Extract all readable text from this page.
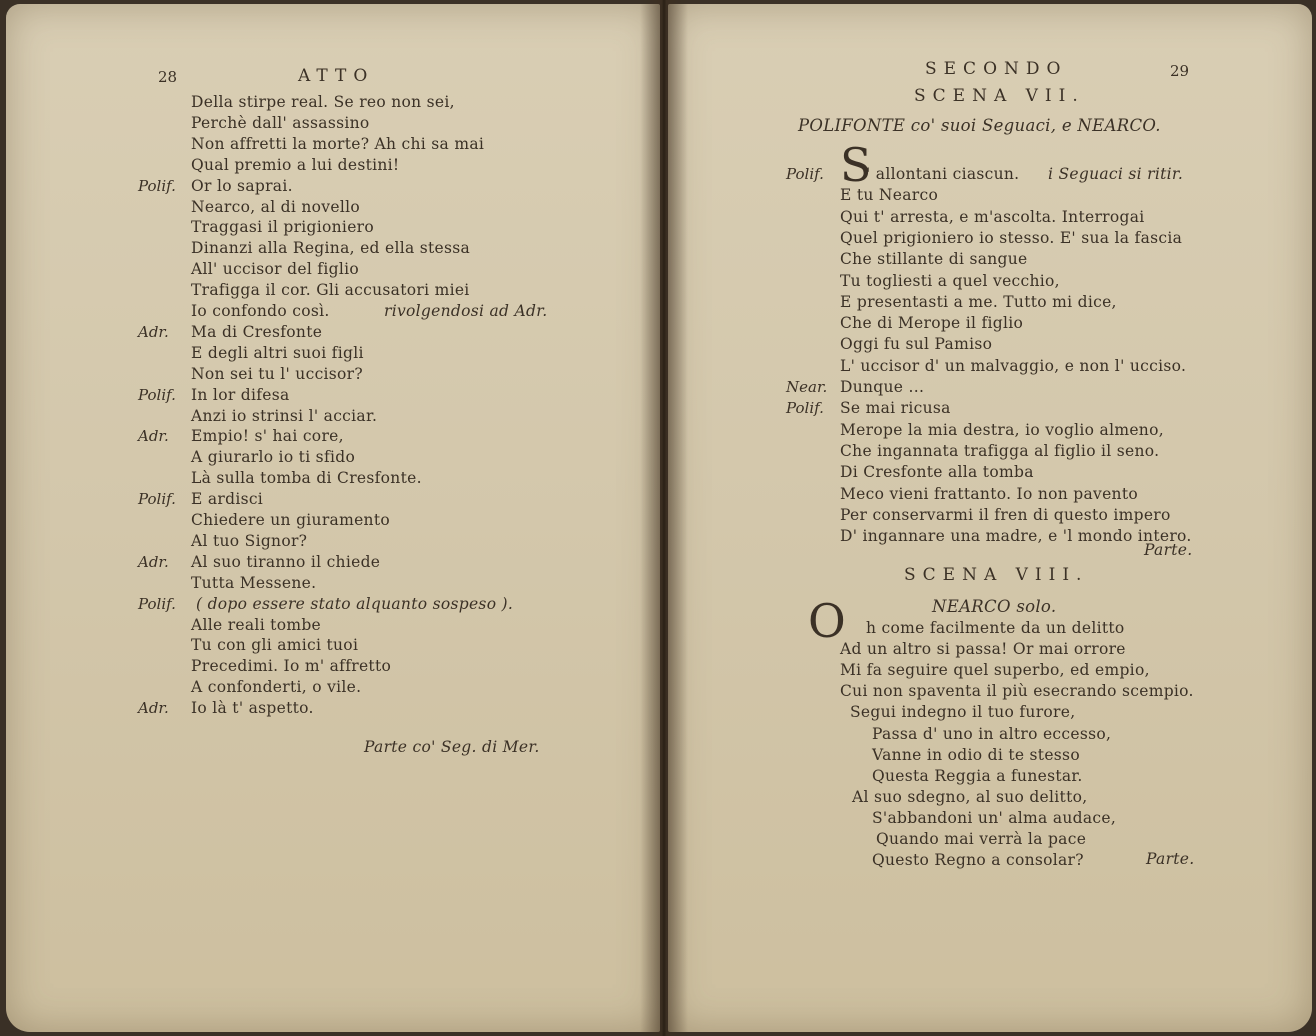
28	ATTO
Della stirpe real. Se reo non sei,
Perchè dall' assassino
Non affretti la morte? Ah chi sa mai
Qual premio a lui destini!
Polif. Or lo saprai.
Nearco, al di novello
Traggasi il prigioniero
Dinanzi alla Regina, ed ella stessa
All' uccisor del figlio
Trafigga il cor. Gli accusatori miei
Io confondo così.	rivolgendosi ad Adr.
Adr. Ma di Cresfonte
E degli altri suoi figli
Non sei tu l' uccisor?
Polif. In lor difesa
Anzi io strinsi l' acciar.
Adr. Empio! s' hai core,
A giurarlo io ti sfido
Là sulla tomba di Cresfonte.
Polif. E ardisci
Chiedere un giuramento
Al tuo Signor?
Adr. Al suo tiranno il chiede
Tutta Messene.
Polif. ( dopo essere stato alquanto sospeso ).
Alle reali tombe
Tu con gli amici tuoi
Precedimi. Io m' affretto
A confonderti, o vile.
Adr. Io là t' aspetto.
Parte co' Seg. di Mer.
SECONDO	29
SCENA VII.
POLIFONTE co' suoi Seguaci, e NEARCO.
Polif. S
' allontani ciascun. i Seguaci si ritir.
E tu Nearco
Qui t' arresta, e m'ascolta. Interrogai
Quel prigioniero io stesso. E' sua la fascia
Che stillante di sangue
Tu togliesti a quel vecchio,
E presentasti a me. Tutto mi dice,
Che di Merope il figlio
Oggi fu sul Pamiso
L' uccisor d' un malvaggio, e non l' ucciso.
Near. Dunque ...
Polif. Se mai ricusa
Merope la mia destra, io voglio almeno,
Che ingannata trafigga al figlio il seno.
Di Cresfonte alla tomba
Meco vieni frattanto. Io non pavento
Per conservarmi il fren di questo impero
D' ingannare una madre, e 'l mondo intero.
Parte.
SCENA VIII.
NEARCO solo.
O h come facilmente da un delitto
Ad un altro si passa! Or mai orrore
Mi fa seguire quel superbo, ed empio,
Cui non spaventa il più esecrando scempio.
Segui indegno il tuo furore,
Passa d' uno in altro eccesso,
Vanne in odio di te stesso
Questa Reggia a funestar.
Al suo sdegno, al suo delitto,
S'abbandoni un' alma audace,
Quando mai verrà la pace
Questo Regno a consolar?	Parte.
